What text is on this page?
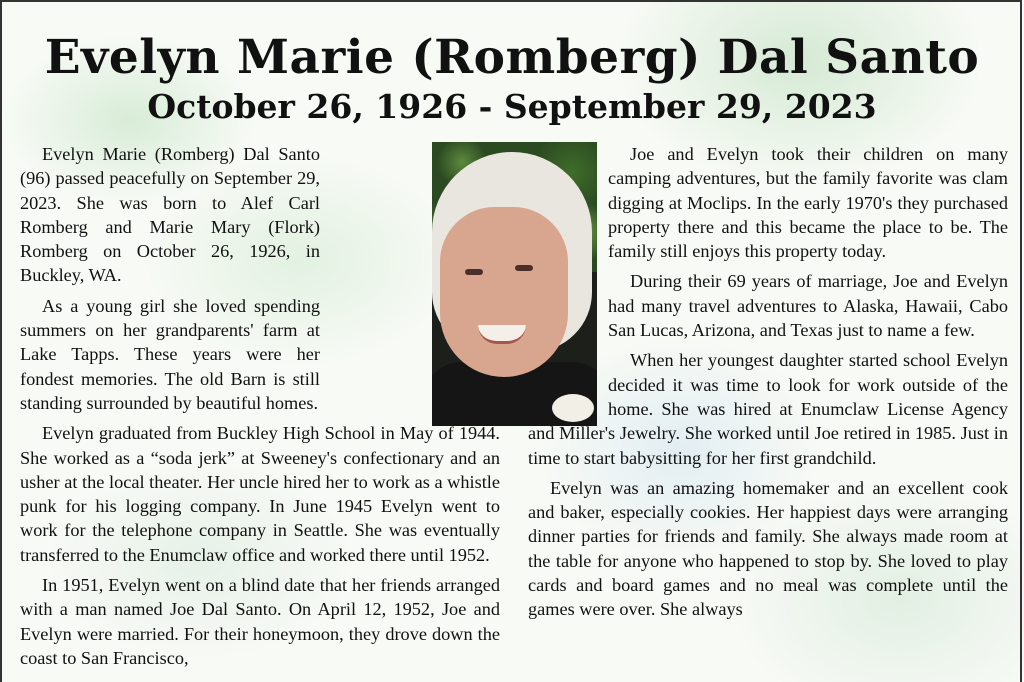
Evelyn Marie (Romberg) Dal Santo
October 26, 1926 - September 29, 2023

Evelyn Marie (Romberg) Dal Santo (96) passed peacefully on September 29, 2023. She was born to Alef Carl Romberg and Marie Mary (Flork) Romberg on October 26, 1926, in Buckley, WA.

As a young girl she loved spending summers on her grandparents' farm at Lake Tapps. These years were her fondest memories. The old Barn is still standing surrounded by beautiful homes.

Evelyn graduated from Buckley High School in May of 1944. She worked as a “soda jerk” at Sweeney's confectionary and an usher at the local theater. Her uncle hired her to work as a whistle punk for his logging company. In June 1945 Evelyn went to work for the telephone company in Seattle. She was eventually transferred to the Enumclaw office and worked there until 1952.

In 1951, Evelyn went on a blind date that her friends arranged with a man named Joe Dal Santo. On April 12, 1952, Joe and Evelyn were married. For their honeymoon, they drove down the coast to San Francisco,

Joe and Evelyn took their children on many camping adventures, but the family favorite was clam digging at Moclips. In the early 1970's they purchased property there and this became the place to be. The family still enjoys this property today.

During their 69 years of marriage, Joe and Evelyn had many travel adventures to Alaska, Hawaii, Cabo San Lucas, Arizona, and Texas just to name a few.

When her youngest daughter started school Evelyn decided it was time to look for work outside of the home. She was hired at Enumclaw License Agency and Miller's Jewelry. She worked until Joe retired in 1985. Just in time to start babysitting for her first grandchild.

Evelyn was an amazing homemaker and an excellent cook and baker, especially cookies. Her happiest days were arranging dinner parties for friends and family. She always made room at the table for anyone who happened to stop by. She loved to play cards and board games and no meal was complete until the games were over. She always
